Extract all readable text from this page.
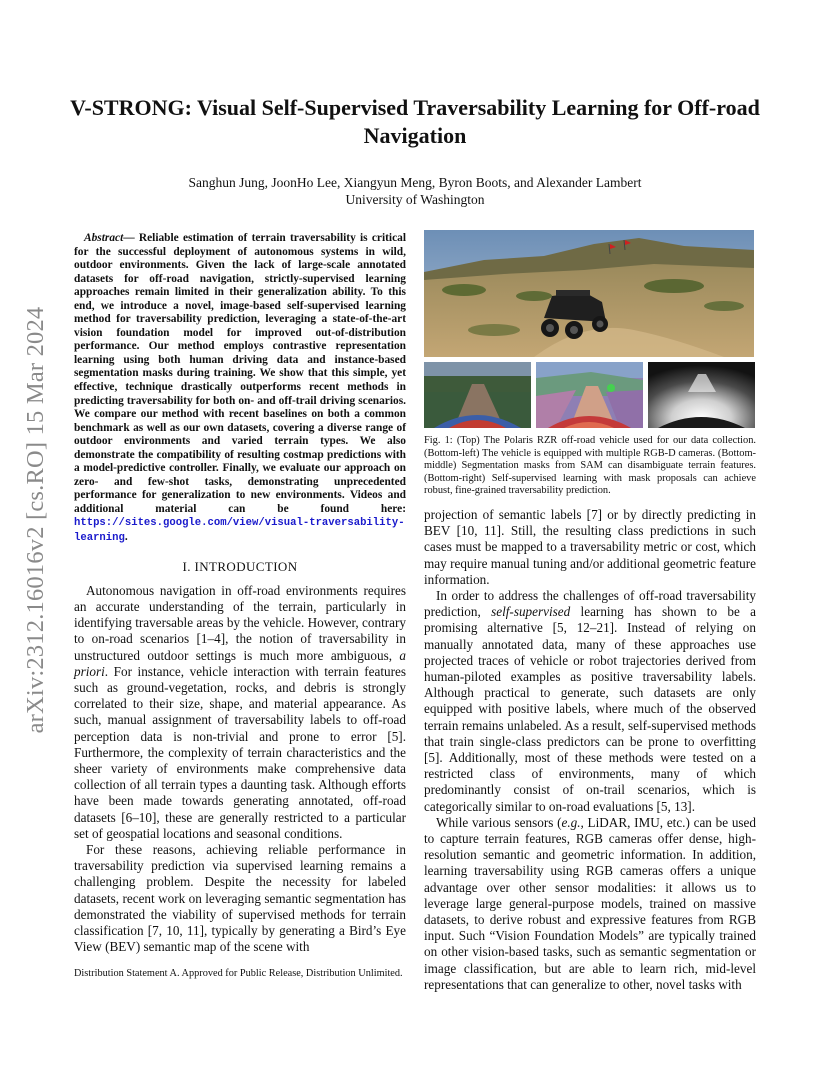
arXiv:2312.16016v2 [cs.RO] 15 Mar 2024
V-STRONG: Visual Self-Supervised Traversability Learning for Off-road Navigation
Sanghun Jung, JoonHo Lee, Xiangyun Meng, Byron Boots, and Alexander Lambert
University of Washington

Abstract— Reliable estimation of terrain traversability is critical for the successful deployment of autonomous systems in wild, outdoor environments. Given the lack of large-scale annotated datasets for off-road navigation, strictly-supervised learning approaches remain limited in their generalization ability. To this end, we introduce a novel, image-based self-supervised learning method for traversability prediction, leveraging a state-of-the-art vision foundation model for improved out-of-distribution performance. Our method employs contrastive representation learning using both human driving data and instance-based segmentation masks during training. We show that this simple, yet effective, technique drastically outperforms recent methods in predicting traversability for both on- and off-trail driving scenarios. We compare our method with recent baselines on both a common benchmark as well as our own datasets, covering a diverse range of outdoor environments and varied terrain types. We also demonstrate the compatibility of resulting costmap predictions with a model-predictive controller. Finally, we evaluate our approach on zero- and few-shot tasks, demonstrating unprecedented performance for generalization to new environments. Videos and additional material can be found here: https://sites.google.com/view/visual-traversability-learning.

I. INTRODUCTION

Autonomous navigation in off-road environments requires an accurate understanding of the terrain, particularly in identifying traversable areas by the vehicle. However, contrary to on-road scenarios [1–4], the notion of traversability in unstructured outdoor settings is much more ambiguous, a priori. For instance, vehicle interaction with terrain features such as ground-vegetation, rocks, and debris is strongly correlated to their size, shape, and material appearance. As such, manual assignment of traversability labels to off-road perception data is non-trivial and prone to error [5]. Furthermore, the complexity of terrain characteristics and the sheer variety of environments make comprehensive data collection of all terrain types a daunting task. Although efforts have been made towards generating annotated, off-road datasets [6–10], these are generally restricted to a particular set of geospatial locations and seasonal conditions.

For these reasons, achieving reliable performance in traversability prediction via supervised learning remains a challenging problem. Despite the necessity for labeled datasets, recent work on leveraging semantic segmentation has demonstrated the viability of supervised methods for terrain classification [7, 10, 11], typically by generating a Bird’s Eye View (BEV) semantic map of the scene with

Distribution Statement A. Approved for Public Release, Distribution Unlimited.
Fig. 1: (Top) The Polaris RZR off-road vehicle used for our data collection. (Bottom-left) The vehicle is equipped with multiple RGB-D cameras. (Bottom-middle) Segmentation masks from SAM can disambiguate terrain features. (Bottom-right) Self-supervised learning with mask proposals can achieve robust, fine-grained traversability prediction.

projection of semantic labels [7] or by directly predicting in BEV [10, 11]. Still, the resulting class predictions in such cases must be mapped to a traversability metric or cost, which may require manual tuning and/or additional geometric feature information.

In order to address the challenges of off-road traversability prediction, self-supervised learning has shown to be a promising alternative [5, 12–21]. Instead of relying on manually annotated data, many of these approaches use projected traces of vehicle or robot trajectories derived from human-piloted examples as positive traversability labels. Although practical to generate, such datasets are only equipped with positive labels, where much of the observed terrain remains unlabeled. As a result, self-supervised methods that train single-class predictors can be prone to overfitting [5]. Additionally, most of these methods were tested on a restricted class of environments, many of which predominantly consist of on-trail scenarios, which is categorically similar to on-road evaluations [5, 13].

While various sensors (e.g., LiDAR, IMU, etc.) can be used to capture terrain features, RGB cameras offer dense, high-resolution semantic and geometric information. In addition, learning traversability using RGB cameras offers a unique advantage over other sensor modalities: it allows us to leverage large general-purpose models, trained on massive datasets, to derive robust and expressive features from RGB input. Such “Vision Foundation Models” are typically trained on other vision-based tasks, such as semantic segmentation or image classification, but are able to learn rich, mid-level representations that can generalize to other, novel tasks with
